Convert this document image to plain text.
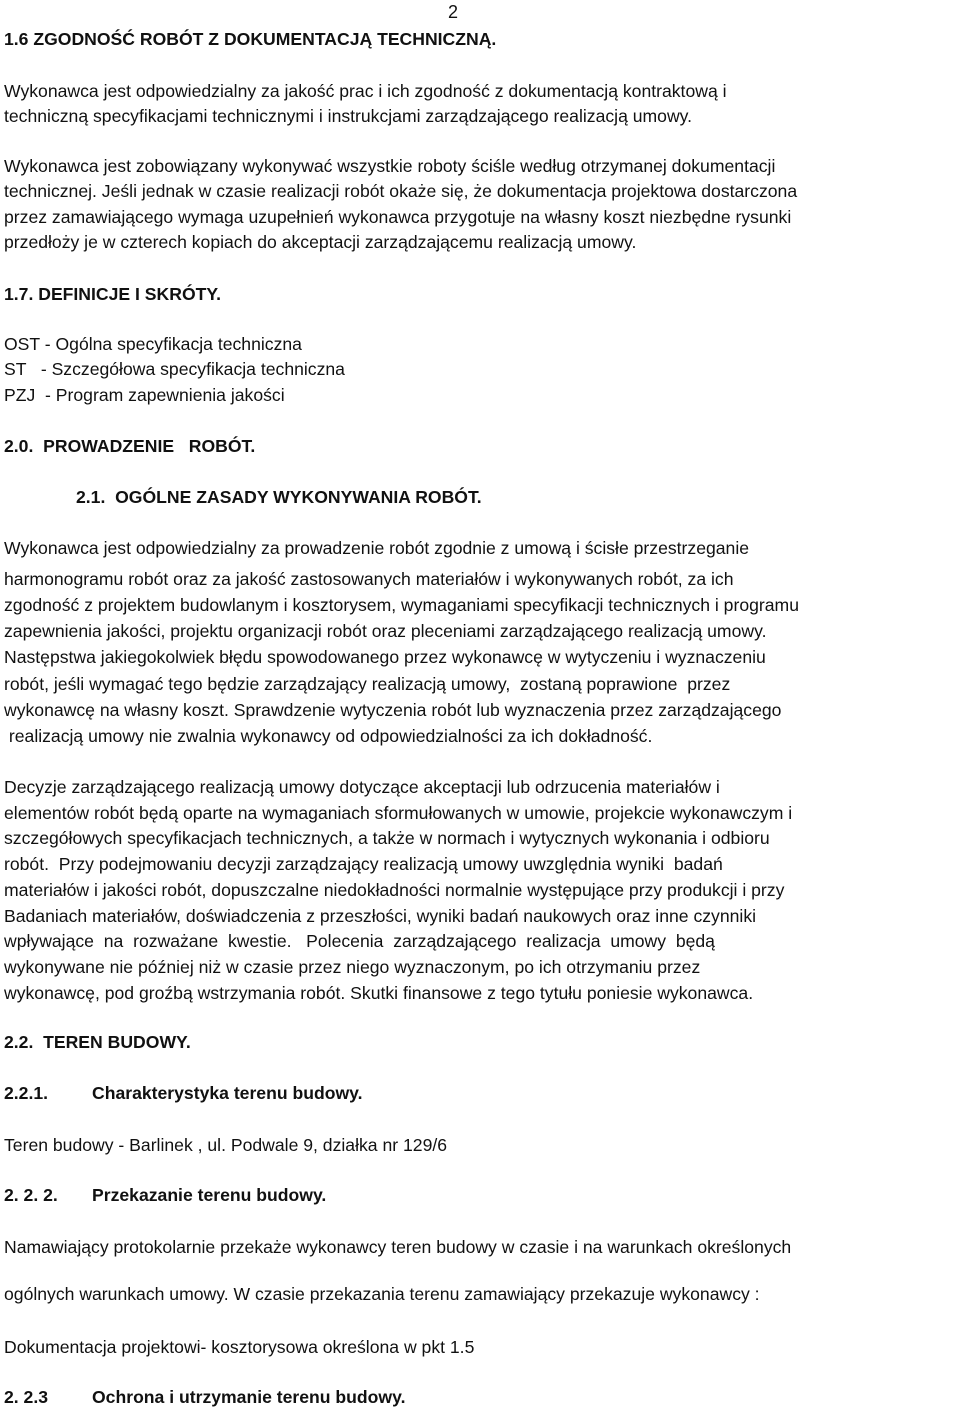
2
1.6 ZGODNOŚĆ ROBÓT Z DOKUMENTACJĄ TECHNICZNĄ.
Wykonawca jest odpowiedzialny za jakość prac i ich zgodność z dokumentacją kontraktową i
techniczną specyfikacjami technicznymi i instrukcjami zarządzającego realizacją umowy.
Wykonawca jest zobowiązany wykonywać wszystkie roboty ściśle według otrzymanej dokumentacji
technicznej. Jeśli jednak w czasie realizacji robót okaże się, że dokumentacja projektowa dostarczona
przez zamawiającego wymaga uzupełnień wykonawca przygotuje na własny koszt niezbędne rysunki
przedłoży je w czterech kopiach do akceptacji zarządzającemu realizacją umowy.
1.7. DEFINICJE I SKRÓTY.
OST - Ogólna specyfikacja techniczna
ST   - Szczegółowa specyfikacja techniczna
PZJ  - Program zapewnienia jakości
2.0.  PROWADZENIE   ROBÓT.
2.1.  OGÓLNE ZASADY WYKONYWANIA ROBÓT.
Wykonawca jest odpowiedzialny za prowadzenie robót zgodnie z umową i ścisłe przestrzeganie
harmonogramu robót oraz za jakość zastosowanych materiałów i wykonywanych robót, za ich
zgodność z projektem budowlanym i kosztorysem, wymaganiami specyfikacji technicznych i programu
zapewnienia jakości, projektu organizacji robót oraz pleceniami zarządzającego realizacją umowy.
Następstwa jakiegokolwiek błędu spowodowanego przez wykonawcę w wytyczeniu i wyznaczeniu
robót, jeśli wymagać tego będzie zarządzający realizacją umowy,  zostaną poprawione  przez
wykonawcę na własny koszt. Sprawdzenie wytyczenia robót lub wyznaczenia przez zarządzającego
realizacją umowy nie zwalnia wykonawcy od odpowiedzialności za ich dokładność.
Decyzje zarządzającego realizacją umowy dotyczące akceptacji lub odrzucenia materiałów i
elementów robót będą oparte na wymaganiach sformułowanych w umowie, projekcie wykonawczym i
szczegółowych specyfikacjach technicznych, a także w normach i wytycznych wykonania i odbioru
robót.  Przy podejmowaniu decyzji zarządzający realizacją umowy uwzględnia wyniki  badań
materiałów i jakości robót, dopuszczalne niedokładności normalnie występujące przy produkcji i przy
Badaniach materiałów, doświadczenia z przeszłości, wyniki badań naukowych oraz inne czynniki
wpływające  na  rozważane  kwestie.   Polecenia  zarządzającego  realizacja  umowy  będą
wykonywane nie później niż w czasie przez niego wyznaczonym, po ich otrzymaniu przez
wykonawcę, pod groźbą wstrzymania robót. Skutki finansowe z tego tytułu poniesie wykonawca.
2.2.  TEREN BUDOWY.
2.2.1. Charakterystyka terenu budowy.
Teren budowy - Barlinek , ul. Podwale 9, działka nr 129/6
2. 2. 2. Przekazanie terenu budowy.
Namawiający protokolarnie przekaże wykonawcy teren budowy w czasie i na warunkach określonych
ogólnych warunkach umowy. W czasie przekazania terenu zamawiający przekazuje wykonawcy :
Dokumentacja projektowi- kosztorysowa określona w pkt 1.5
2. 2.3 Ochrona i utrzymanie terenu budowy.
